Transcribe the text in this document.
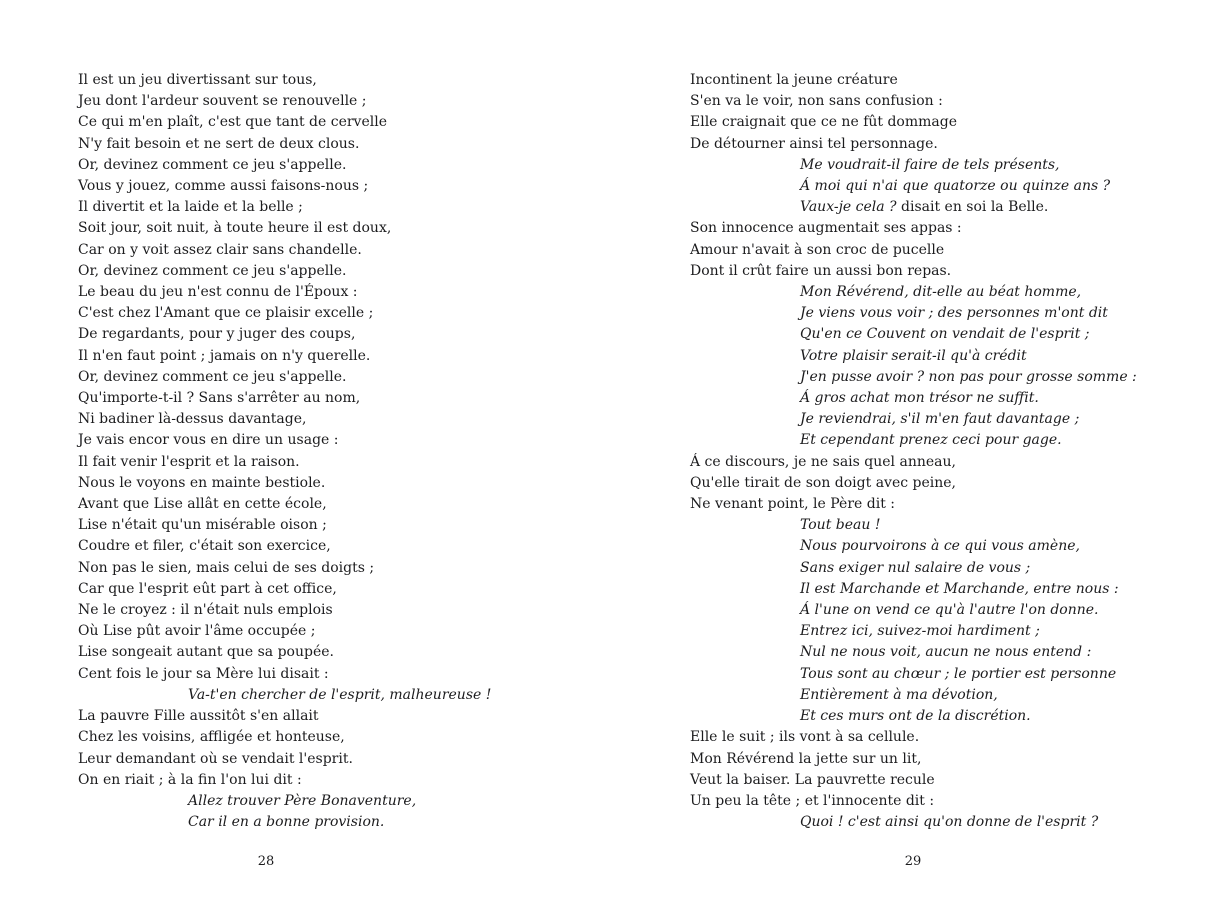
Il est un jeu divertissant sur tous,
Jeu dont l'ardeur souvent se renouvelle ;
Ce qui m'en plaît, c'est que tant de cervelle
N'y fait besoin et ne sert de deux clous.
Or, devinez comment ce jeu s'appelle.
Vous y jouez, comme aussi faisons-nous ;
Il divertit et la laide et la belle ;
Soit jour, soit nuit, à toute heure il est doux,
Car on y voit assez clair sans chandelle.
Or, devinez comment ce jeu s'appelle.
Le beau du jeu n'est connu de l'Époux :
C'est chez l'Amant que ce plaisir excelle ;
De regardants, pour y juger des coups,
Il n'en faut point ; jamais on n'y querelle.
Or, devinez comment ce jeu s'appelle.
Qu'importe-t-il ? Sans s'arrêter au nom,
Ni badiner là-dessus davantage,
Je vais encor vous en dire un usage :
Il fait venir l'esprit et la raison.
Nous le voyons en mainte bestiole.
Avant que Lise allât en cette école,
Lise n'était qu'un misérable oison ;
Coudre et filer, c'était son exercice,
Non pas le sien, mais celui de ses doigts ;
Car que l'esprit eût part à cet office,
Ne le croyez : il n'était nuls emplois
Où Lise pût avoir l'âme occupée ;
Lise songeait autant que sa poupée.
Cent fois le jour sa Mère lui disait :
Va-t'en chercher de l'esprit, malheureuse !
La pauvre Fille aussitôt s'en allait
Chez les voisins, affligée et honteuse,
Leur demandant où se vendait l'esprit.
On en riait ; à la fin l'on lui dit :
Allez trouver Père Bonaventure,
Car il en a bonne provision.
28
Incontinent la jeune créature
S'en va le voir, non sans confusion :
Elle craignait que ce ne fût dommage
De détourner ainsi tel personnage.
Me voudrait-il faire de tels présents,
Á moi qui n'ai que quatorze ou quinze ans ?
Vaux-je cela ? disait en soi la Belle.
Son innocence augmentait ses appas :
Amour n'avait à son croc de pucelle
Dont il crût faire un aussi bon repas.
Mon Révérend, dit-elle au béat homme,
Je viens vous voir ; des personnes m'ont dit
Qu'en ce Couvent on vendait de l'esprit ;
Votre plaisir serait-il qu'à crédit
J'en pusse avoir ? non pas pour grosse somme :
Á gros achat mon trésor ne suffit.
Je reviendrai, s'il m'en faut davantage ;
Et cependant prenez ceci pour gage.
Á ce discours, je ne sais quel anneau,
Qu'elle tirait de son doigt avec peine,
Ne venant point, le Père dit :
Tout beau !
Nous pourvoirons à ce qui vous amène,
Sans exiger nul salaire de vous ;
Il est Marchande et Marchande, entre nous :
Á l'une on vend ce qu'à l'autre l'on donne.
Entrez ici, suivez-moi hardiment ;
Nul ne nous voit, aucun ne nous entend :
Tous sont au chœur ; le portier est personne
Entièrement à ma dévotion,
Et ces murs ont de la discrétion.
Elle le suit ; ils vont à sa cellule.
Mon Révérend la jette sur un lit,
Veut la baiser. La pauvrette recule
Un peu la tête ; et l'innocente dit :
Quoi ! c'est ainsi qu'on donne de l'esprit ?
29
